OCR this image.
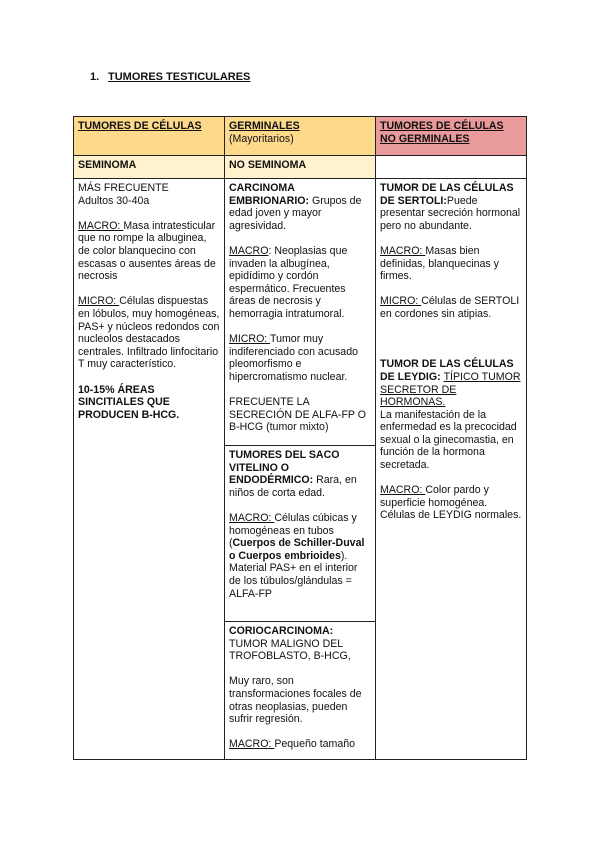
1. TUMORES TESTICULARES
TUMORES DE CÉLULAS	GERMINALES
(Mayoritarios)
TUMORES DE CÉLULAS NO GERMINALES
SEMINOMA	NO SEMINOMA

MÁS FRECUENTE
Adultos 30-40a

MACRO: Masa intratesticular que no rompe la albuginea, de color blanquecino con escasas o ausentes áreas de necrosis

MICRO: Células dispuestas en lóbulos, muy homogéneas, PAS+ y núcleos redondos con nucleolos destacados centrales. Infiltrado linfocitario T muy característico.

10-15% ÁREAS SINCITIALES QUE PRODUCEN B-HCG.

CARCINOMA EMBRIONARIO: Grupos de edad joven y mayor agresividad.

MACRO: Neoplasias que invaden la albugínea, epidídimo y cordón espermático. Frecuentes áreas de necrosis y hemorragia intratumoral.

MICRO: Tumor muy indiferenciado con acusado pleomorfismo e hipercromatismo nuclear.

FRECUENTE LA SECRECIÓN DE ALFA-FP O B-HCG (tumor mixto)

TUMORES DEL SACO VITELINO O ENDODÉRMICO: Rara, en niños de corta edad.

MACRO: Células cúbicas y homogéneas en tubos (Cuerpos de Schiller-Duval o Cuerpos embrioides). Material PAS+ en el interior de los túbulos/glándulas = ALFA-FP

CORIOCARCINOMA:
TUMOR MALIGNO DEL TROFOBLASTO, B-HCG,

Muy raro, son transformaciones focales de otras neoplasias, pueden sufrir regresión.

MACRO: Pequeño tamaño

TUMOR DE LAS CÉLULAS DE SERTOLI:Puede presentar secreción hormonal pero no abundante.

MACRO: Masas bien definidas, blanquecinas y firmes.

MICRO: Células de SERTOLI en cordones sin atipias.

TUMOR DE LAS CÉLULAS DE LEYDIG: TÍPICO TUMOR SECRETOR DE HORMONAS.
La manifestación de la enfermedad es la precocidad sexual o la ginecomastia, en función de la hormona secretada.

MACRO: Color pardo y superficie homogénea. Células de LEYDIG normales.
